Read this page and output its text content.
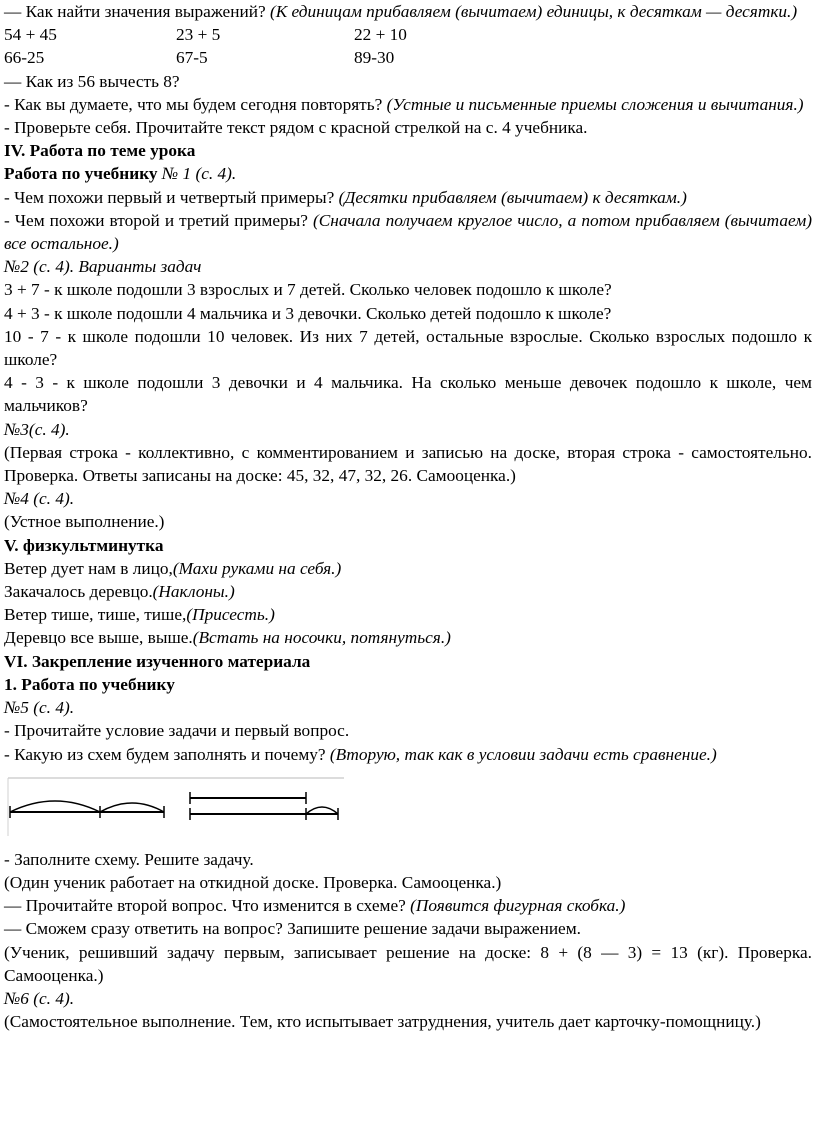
— Как найти значения выражений? (К единицам прибавляем (вычитаем) единицы, к десяткам — десятки.)

54 + 45	23 + 5	22 + 10
66-25	67-5	89-30

— Как из 56 вычесть 8?

- Как вы думаете, что мы будем сегодня повторять? (Устные и письменные приемы сложения и вычитания.)

- Проверьте себя. Прочитайте текст рядом с красной стрелкой на с. 4 учебника.

IV. Работа по теме урока

Работа по учебнику № 1 (с. 4).

- Чем похожи первый и четвертый примеры? (Десятки прибавляем (вычитаем) к десяткам.)

- Чем похожи второй и третий примеры? (Сначала получаем круглое число, а потом прибавляем (вычитаем) все остальное.)

№2 (с. 4). Варианты задач

3 + 7 - к школе подошли 3 взрослых и 7 детей. Сколько человек подошло к школе?

4 + 3 - к школе подошли 4 мальчика и 3 девочки. Сколько детей подошло к школе?

10 - 7 - к школе подошли 10 человек. Из них 7 детей, остальные взрослые. Сколько взрослых подошло к школе?

4 - 3 - к школе подошли 3 девочки и 4 мальчика. На сколько меньше девочек подошло к школе, чем мальчиков?

№3(с. 4).

(Первая строка - коллективно, с комментированием и записью на доске, вторая строка - самостоятельно. Проверка. Ответы записаны на доске: 45, 32, 47, 32, 26. Самооценка.)

№4 (с. 4).

(Устное выполнение.)

V. физкультминутка

Ветер дует нам в лицо,(Махи руками на себя.)

Закачалось деревцо.(Наклоны.)

Ветер тише, тише, тише,(Присесть.)

Деревцо все выше, выше.(Встать на носочки, потянуться.)

VI. Закрепление изученного материала

1. Работа по учебнику

№5 (с. 4).

- Прочитайте условие задачи и первый вопрос.

- Какую из схем будем заполнять и почему? (Вторую, так как в условии задачи есть сравнение.)

- Заполните схему. Решите задачу.

(Один ученик работает на откидной доске. Проверка. Самооценка.)

— Прочитайте второй вопрос. Что изменится в схеме? (Появится фигурная скобка.)

— Сможем сразу ответить на вопрос? Запишите решение задачи выражением.

(Ученик, решивший задачу первым, записывает решение на доске: 8 + (8 — 3) = 13 (кг). Проверка. Самооценка.)

№6 (с. 4).

(Самостоятельное выполнение. Тем, кто испытывает затруднения, учитель дает карточку-помощницу.)
